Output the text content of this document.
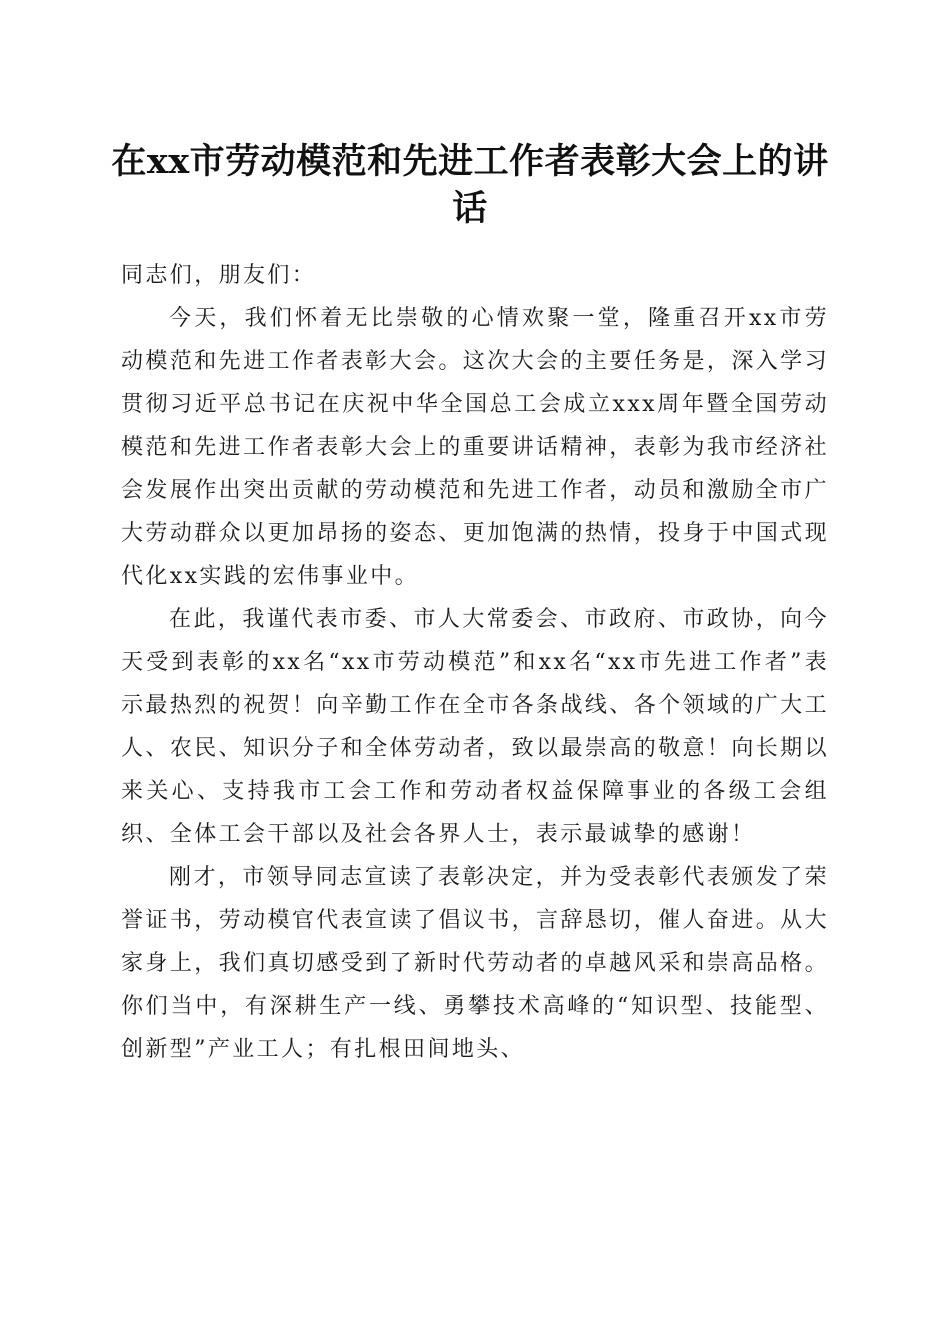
在xx市劳动模范和先进工作者表彰大会上的讲话

同志们，朋友们：

今天，我们怀着无比崇敬的心情欢聚一堂，隆重召开xx市劳动模范和先进工作者表彰大会。这次大会的主要任务是，深入学习贯彻习近平总书记在庆祝中华全国总工会成立xxx周年暨全国劳动模范和先进工作者表彰大会上的重要讲话精神，表彰为我市经济社会发展作出突出贡献的劳动模范和先进工作者，动员和激励全市广大劳动群众以更加昂扬的姿态、更加饱满的热情，投身于中国式现代化xx实践的宏伟事业中。

在此，我谨代表市委、市人大常委会、市政府、市政协，向今天受到表彰的xx名“xx市劳动模范”和xx名“xx市先进工作者”表示最热烈的祝贺！向辛勤工作在全市各条战线、各个领域的广大工人、农民、知识分子和全体劳动者，致以最崇高的敬意！向长期以来关心、支持我市工会工作和劳动者权益保障事业的各级工会组织、全体工会干部以及社会各界人士，表示最诚挚的感谢！

刚才，市领导同志宣读了表彰决定，并为受表彰代表颁发了荣誉证书，劳动模官代表宣读了倡议书，言辞恳切，催人奋进。从大家身上，我们真切感受到了新时代劳动者的卓越风采和崇高品格。你们当中，有深耕生产一线、勇攀技术高峰的“知识型、技能型、创新型”产业工人；有扎根田间地头、
